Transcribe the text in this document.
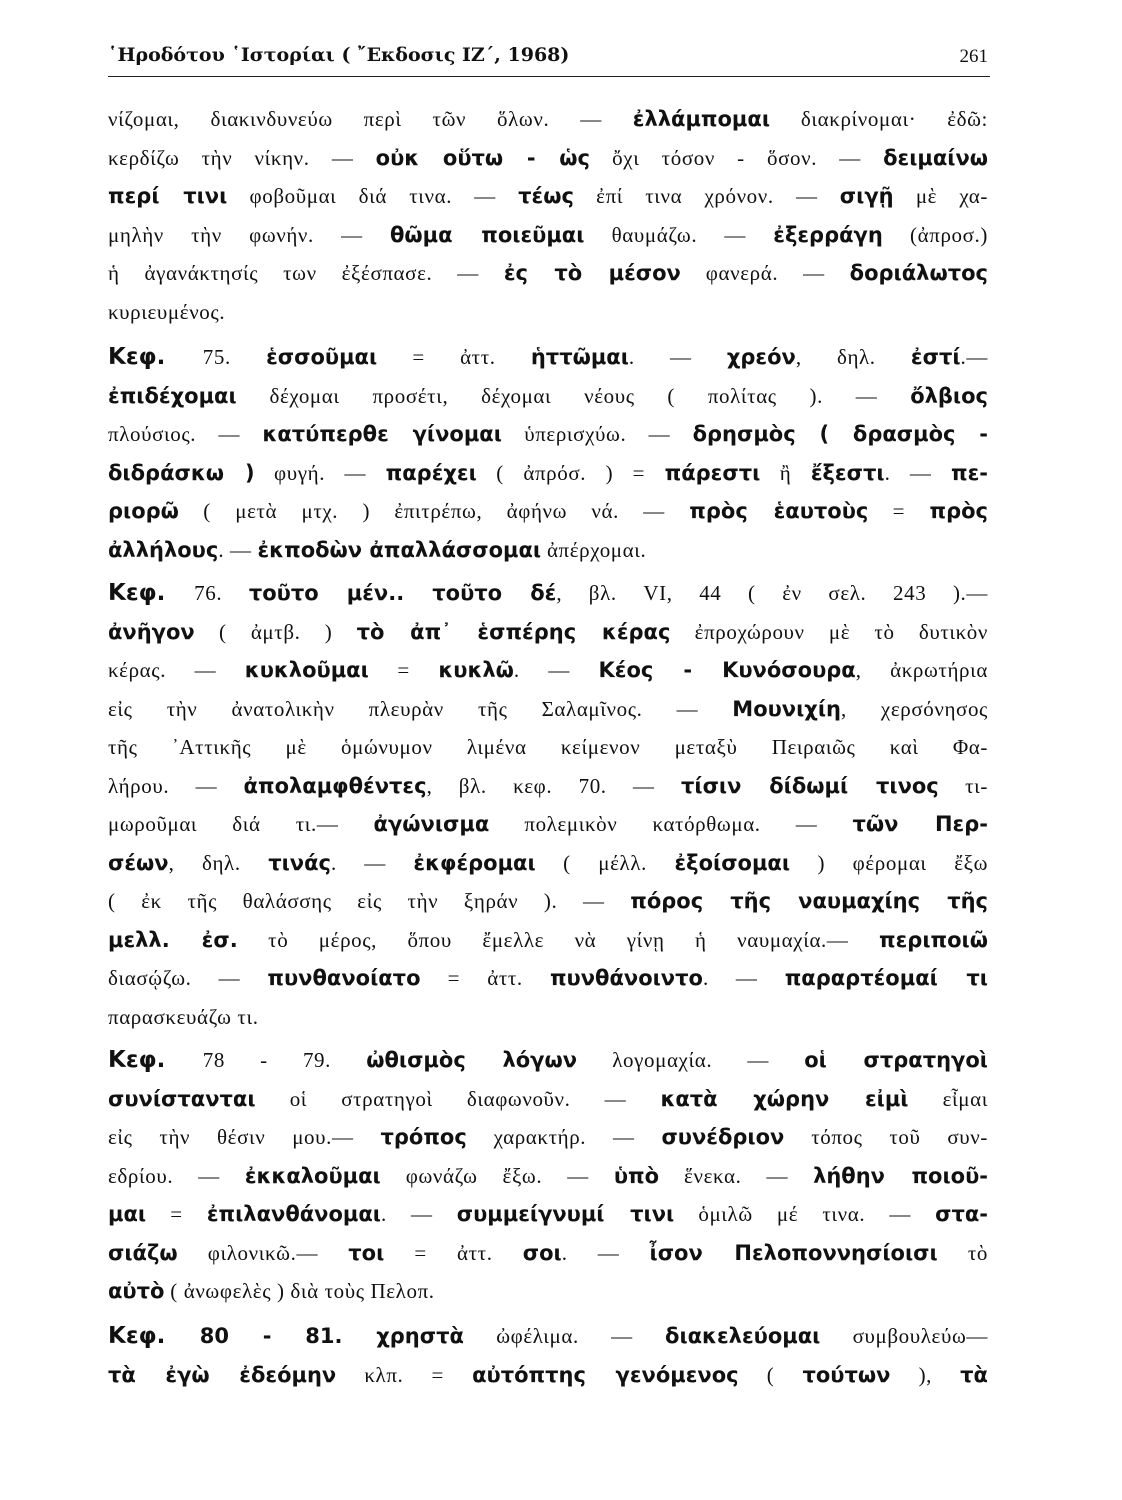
῾Ηροδότου ῾Ιστορίαι ( ῎Εκδοσις ΙΖ΄, 1968)	261
νίζομαι, διακινδυνεύω περὶ τῶν ὅλων. — ἐλλάμπομαι διακρίνομαι· ἐδῶ:
κερδίζω τὴν νίκην. — οὐκ οὕτω - ὡς ὄχι τόσον - ὅσον. — δειμαίνω
περί τινι φοβοῦμαι διά τινα. — τέως ἐπί τινα χρόνον. — σιγῇ μὲ χα-
μηλὴν τὴν φωνήν. — θῶμα ποιεῦμαι θαυμάζω. — ἐξερράγη (ἀπροσ.)
ἡ ἀγανάκτησίς των ἐξέσπασε. — ἐς τὸ μέσον φανερά. — δοριάλωτος
κυριευμένος.
Κεφ. 75. ἑσσοῦμαι = ἀττ. ἡττῶμαι. — χρεόν, δηλ. ἐστί.—
ἐπιδέχομαι δέχομαι προσέτι, δέχομαι νέους ( πολίτας ). — ὄλβιος
πλούσιος. — κατύπερθε γίνομαι ὑπερισχύω. — δρησμὸς ( δρασμὸς -
διδράσκω ) φυγή. — παρέχει ( ἀπρόσ. ) = πάρεστι ἢ ἔξεστι. — πε-
ριορῶ ( μετὰ μτχ. ) ἐπιτρέπω, ἀφήνω νά. — πρὸς ἑαυτοὺς = πρὸς
ἀλλήλους. — ἐκποδὼν ἀπαλλάσσομαι ἀπέρχομαι.
Κεφ. 76. τοῦτο μέν.. τοῦτο δέ, βλ. VI, 44 ( ἐν σελ. 243 ).—
ἀνῆγον ( ἀμτβ. ) τὸ ἀπ᾽ ἑσπέρης κέρας ἐπροχώρουν μὲ τὸ δυτικὸν
κέρας. — κυκλοῦμαι = κυκλῶ. — Κέος - Κυνόσουρα, ἀκρωτήρια
εἰς τὴν ἀνατολικὴν πλευρὰν τῆς Σαλαμῖνος. — Μουνιχίη, χερσόνησος
τῆς ᾽Αττικῆς μὲ ὁμώνυμον λιμένα κείμενον μεταξὺ Πειραιῶς καὶ Φα-
λήρου. — ἀπολαμφθέντες, βλ. κεφ. 70. — τίσιν δίδωμί τινος τι-
μωροῦμαι διά τι.— ἀγώνισμα πολεμικὸν κατόρθωμα. — τῶν Περ-
σέων, δηλ. τινάς. — ἐκφέρομαι ( μέλλ. ἐξοίσομαι ) φέρομαι ἔξω
( ἐκ τῆς θαλάσσης εἰς τὴν ξηράν ). — πόρος τῆς ναυμαχίης τῆς
μελλ. ἐσ. τὸ μέρος, ὅπου ἔμελλε νὰ γίνῃ ἡ ναυμαχία.— περιποιῶ
διασῴζω. — πυνθανοίατο = ἀττ. πυνθάνοιντο. — παραρτέομαί τι
παρασκευάζω τι.
Κεφ. 78 - 79. ὠθισμὸς λόγων λογομαχία. — οἱ στρατηγοὶ
συνίστανται οἱ στρατηγοὶ διαφωνοῦν. — κατὰ χώρην εἰμὶ εἶμαι
εἰς τὴν θέσιν μου.— τρόπος χαρακτήρ. — συνέδριον τόπος τοῦ συν-
εδρίου. — ἐκκαλοῦμαι φωνάζω ἔξω. — ὑπὸ ἕνεκα. — λήθην ποιοῦ-
μαι = ἐπιλανθάνομαι. — συμμείγνυμί τινι ὁμιλῶ μέ τινα. — στα-
σιάζω φιλονικῶ.— τοι = ἀττ. σοι. — ἶσον Πελοποννησίοισι τὸ
αὐτὸ ( ἀνωφελὲς ) διὰ τοὺς Πελοπ.
Κεφ. 80 - 81. χρηστὰ ὠφέλιμα. — διακελεύομαι συμβουλεύω—
τὰ ἐγὼ ἐδεόμην κλπ. = αὐτόπτης γενόμενος ( τούτων ), τὰ
